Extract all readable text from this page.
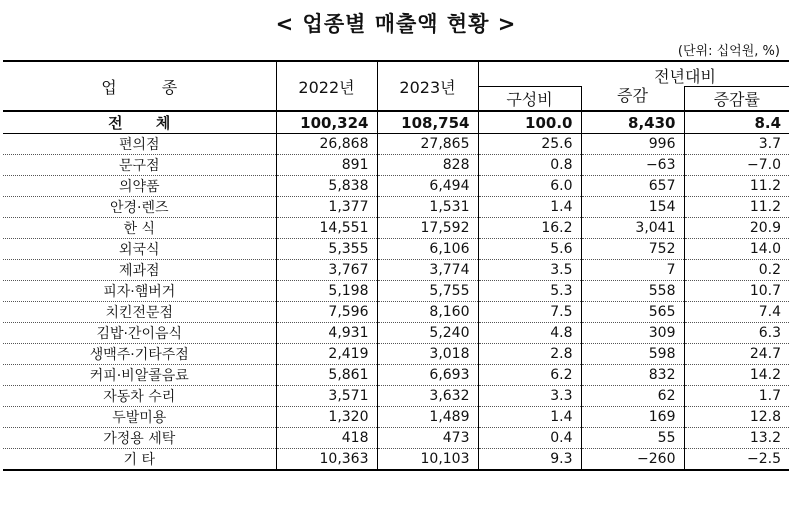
< 업종별 매출액 현황 >
(단위: 십억원, %)
업 종	2022년	2023년		전년대비	
			구성비	증감	증감률
전 체	100,324	108,754	100.0	8,430	8.4
편의점	26,868	27,865	25.6	996	3.7
문구점	891	828	0.8	−63	−7.0
의약품	5,838	6,494	6.0	657	11.2
안경·렌즈	1,377	1,531	1.4	154	11.2
한 식	14,551	17,592	16.2	3,041	20.9
외국식	5,355	6,106	5.6	752	14.0
제과점	3,767	3,774	3.5	7	0.2
피자·햄버거	5,198	5,755	5.3	558	10.7
치킨전문점	7,596	8,160	7.5	565	7.4
김밥·간이음식	4,931	5,240	4.8	309	6.3
생맥주·기타주점	2,419	3,018	2.8	598	24.7
커피·비알콜음료	5,861	6,693	6.2	832	14.2
자동차 수리	3,571	3,632	3.3	62	1.7
두발미용	1,320	1,489	1.4	169	12.8
가정용 세탁	418	473	0.4	55	13.2
기 타	10,363	10,103	9.3	−260	−2.5
